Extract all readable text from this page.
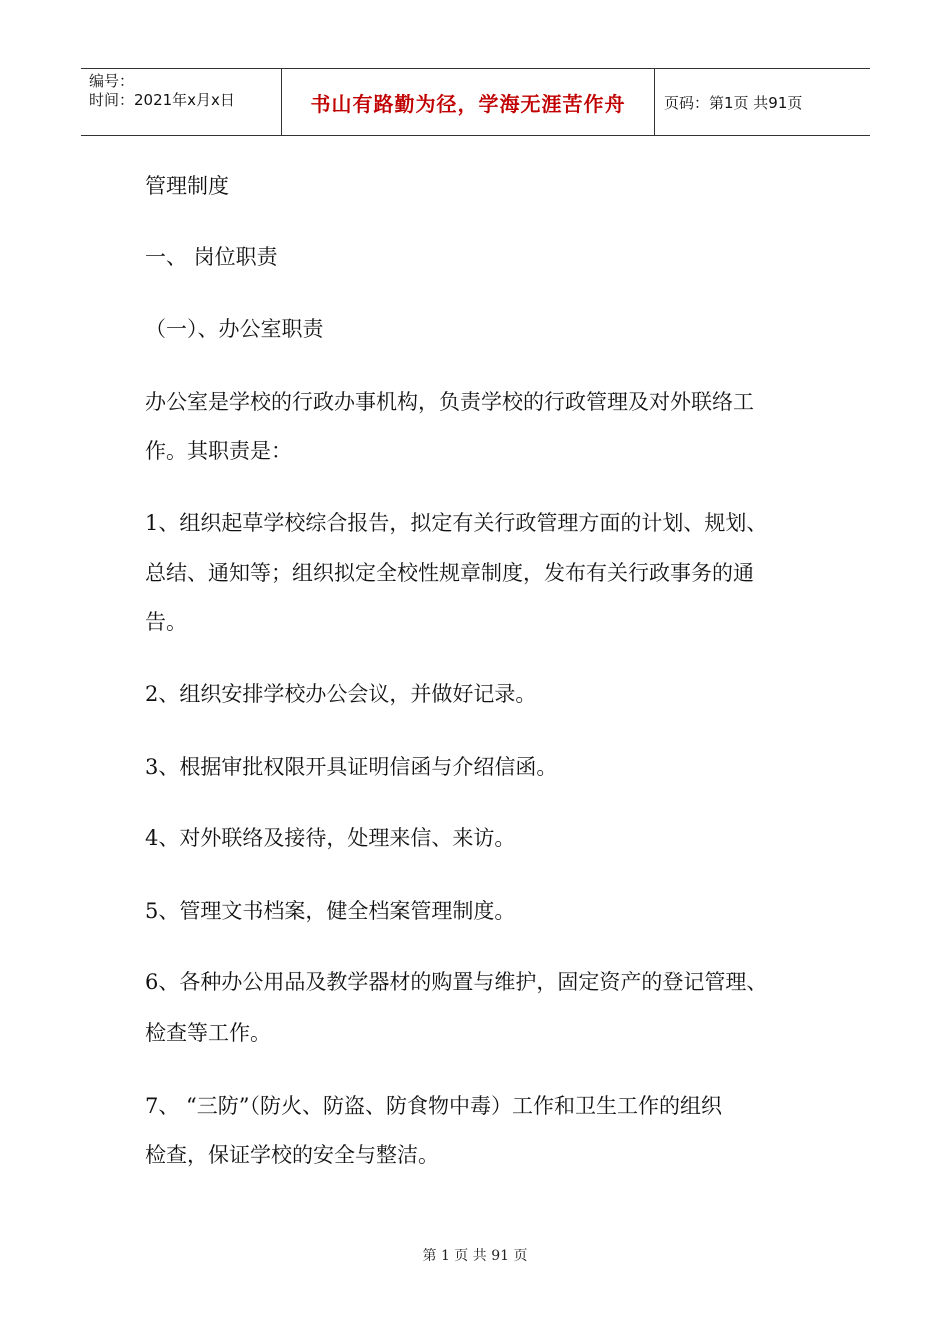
编号：
时间：2021年x月x日	书山有路勤为径，学海无涯苦作舟	页码：第1页 共91页
管理制度
一、 岗位职责
（一）、办公室职责
办公室是学校的行政办事机构，负责学校的行政管理及对外联络工
作。其职责是：
1、组织起草学校综合报告，拟定有关行政管理方面的计划、规划、
总结、通知等；组织拟定全校性规章制度，发布有关行政事务的通
告。
2、组织安排学校办公会议，并做好记录。
3、根据审批权限开具证明信函与介绍信函。
4、对外联络及接待，处理来信、来访。
5、管理文书档案，健全档案管理制度。
6、各种办公用品及教学器材的购置与维护，固定资产的登记管理、
检查等工作。
7、 “三防”（防火、防盗、防食物中毒）工作和卫生工作的组织
检查，保证学校的安全与整洁。
第 1 页 共 91 页
